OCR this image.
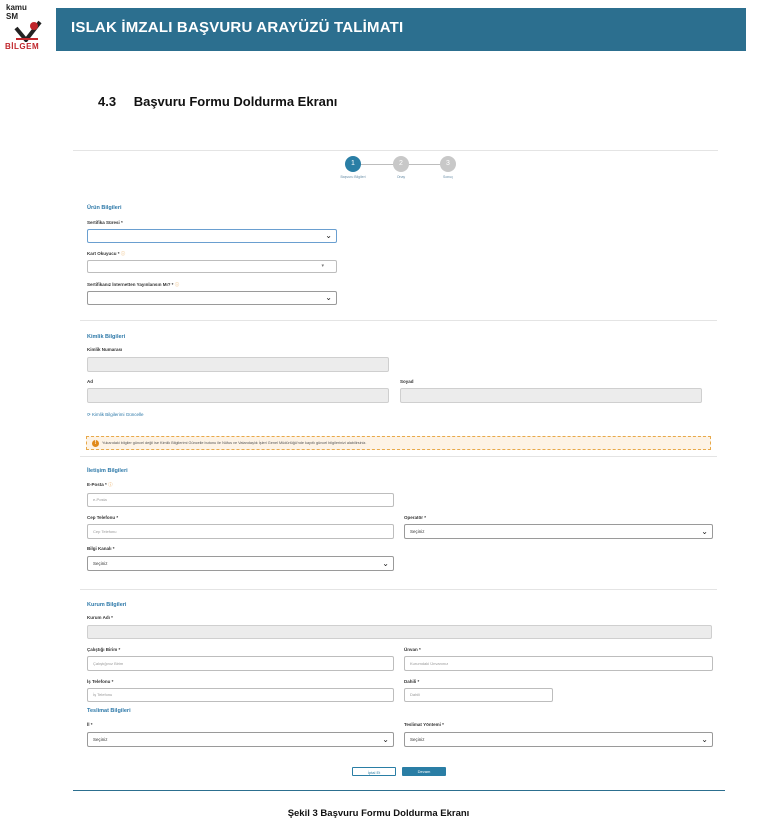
kamu
SM
BİLGEM
ISLAK İMZALI BAŞVURU ARAYÜZÜ TALİMATI
4.3 Başvuru Formu Doldurma Ekranı
1	2	3
Başvuru Bilgileri	Onay	Sonuç
Ürün Bilgileri
Sertifika Süresi *
⌄
Kart Okuyucu * ⓘ
▾
Sertifikanız İnternetten Yayınlansın Mı? * ⓘ
⌄
Kimlik Bilgileri
Kimlik Numarası
Ad	Soyad
⟳ Kimlik Bilgilerimi Güncelle
!	Yukarıdaki bilgiler güncel değil ise Kimlik Bilgilerimi Güncelle butonu ile Nüfus ve Vatandaşlık İşleri Genel Müdürlüğü'nde kayıtlı güncel bilgilerinizi alabilirsiniz.
İletişim Bilgileri
E-Posta * ⓘ
e-Posta
Cep Telefonu *
Cep Telefonu
Operatör *
Seçiniz	⌄
Bilgi Kanalı *
Seçiniz	⌄
Kurum Bilgileri
Kurum Adı *
Çalıştığı Birim *
Çalıştığınız Birim
Ünvan *
Kurumdaki Ünvanınız
İş Telefonu *
İş Telefonu
Dahili *
Dahili
Teslimat Bilgileri
İl *
Seçiniz	⌄
Teslimat Yöntemi *
Seçiniz	⌄
İptal Et	Devam
Şekil 3 Başvuru Formu Doldurma Ekranı
